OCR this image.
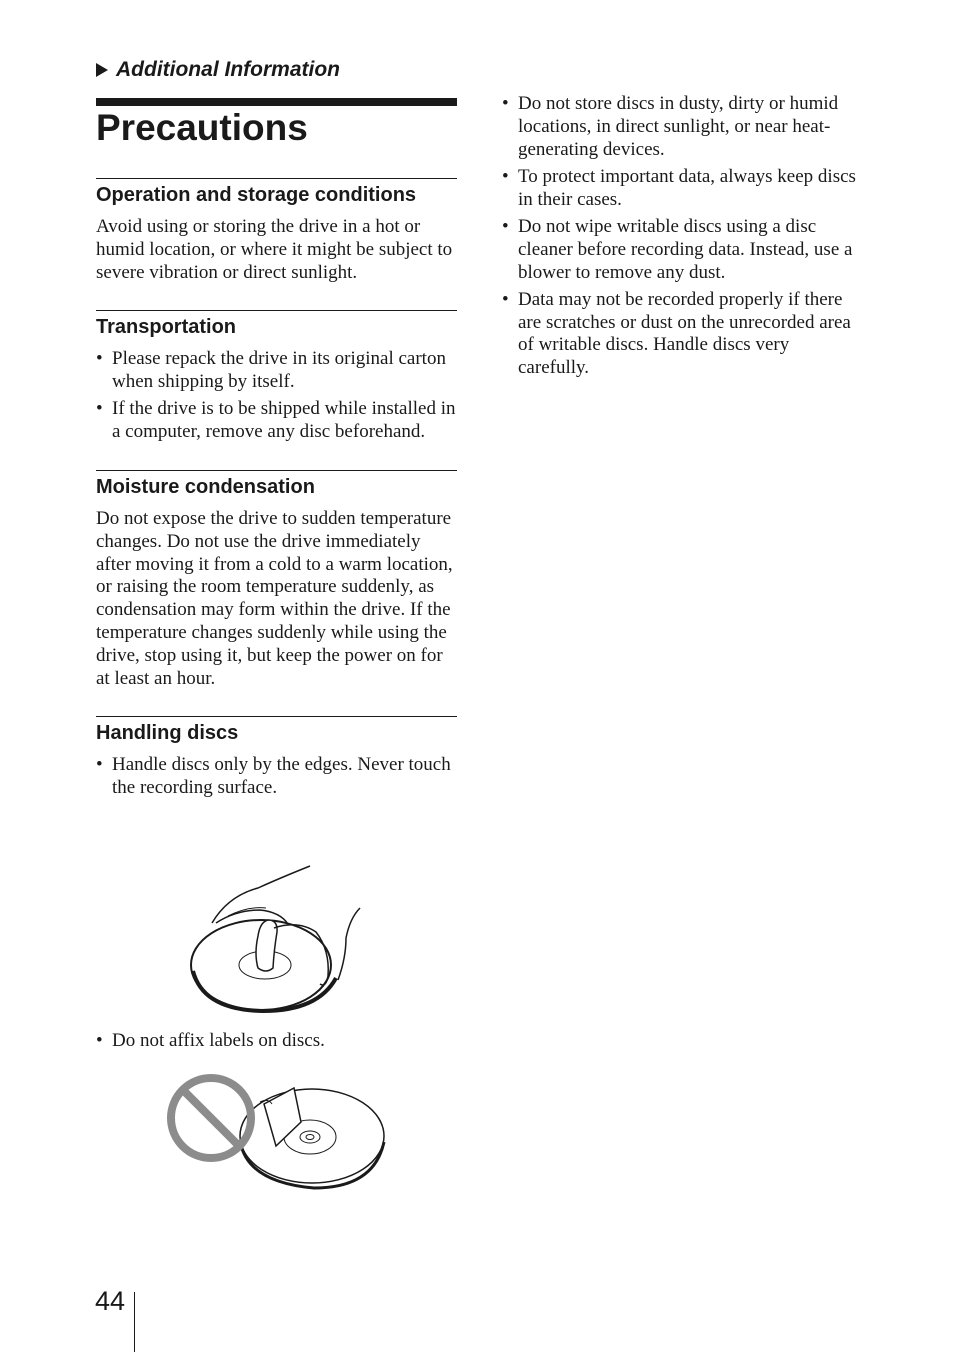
Additional Information
Precautions
Operation and storage conditions

Avoid using or storing the drive in a hot or humid location, or where it might be subject to severe vibration or direct sunlight.

Transportation
• Please repack the drive in its original carton when shipping by itself.
• If the drive is to be shipped while installed in a computer, remove any disc beforehand.
Moisture condensation

Do not expose the drive to sudden temperature changes. Do not use the drive immediately after moving it from a cold to a warm location, or raising the room temperature suddenly, as condensation may form within the drive. If the temperature changes suddenly while using the drive, stop using it, but keep the power on for at least an hour.

Handling discs
• Handle discs only by the edges. Never touch the recording surface.
• Do not affix labels on discs.
• Do not store discs in dusty, dirty or humid locations, in direct sunlight, or near heat-generating devices.
• To protect important data, always keep discs in their cases.
• Do not wipe writable discs using a disc cleaner before recording data. Instead, use a blower to remove any dust.
• Data may not be recorded properly if there are scratches or dust on the unrecorded area of writable discs. Handle discs very carefully.
44
